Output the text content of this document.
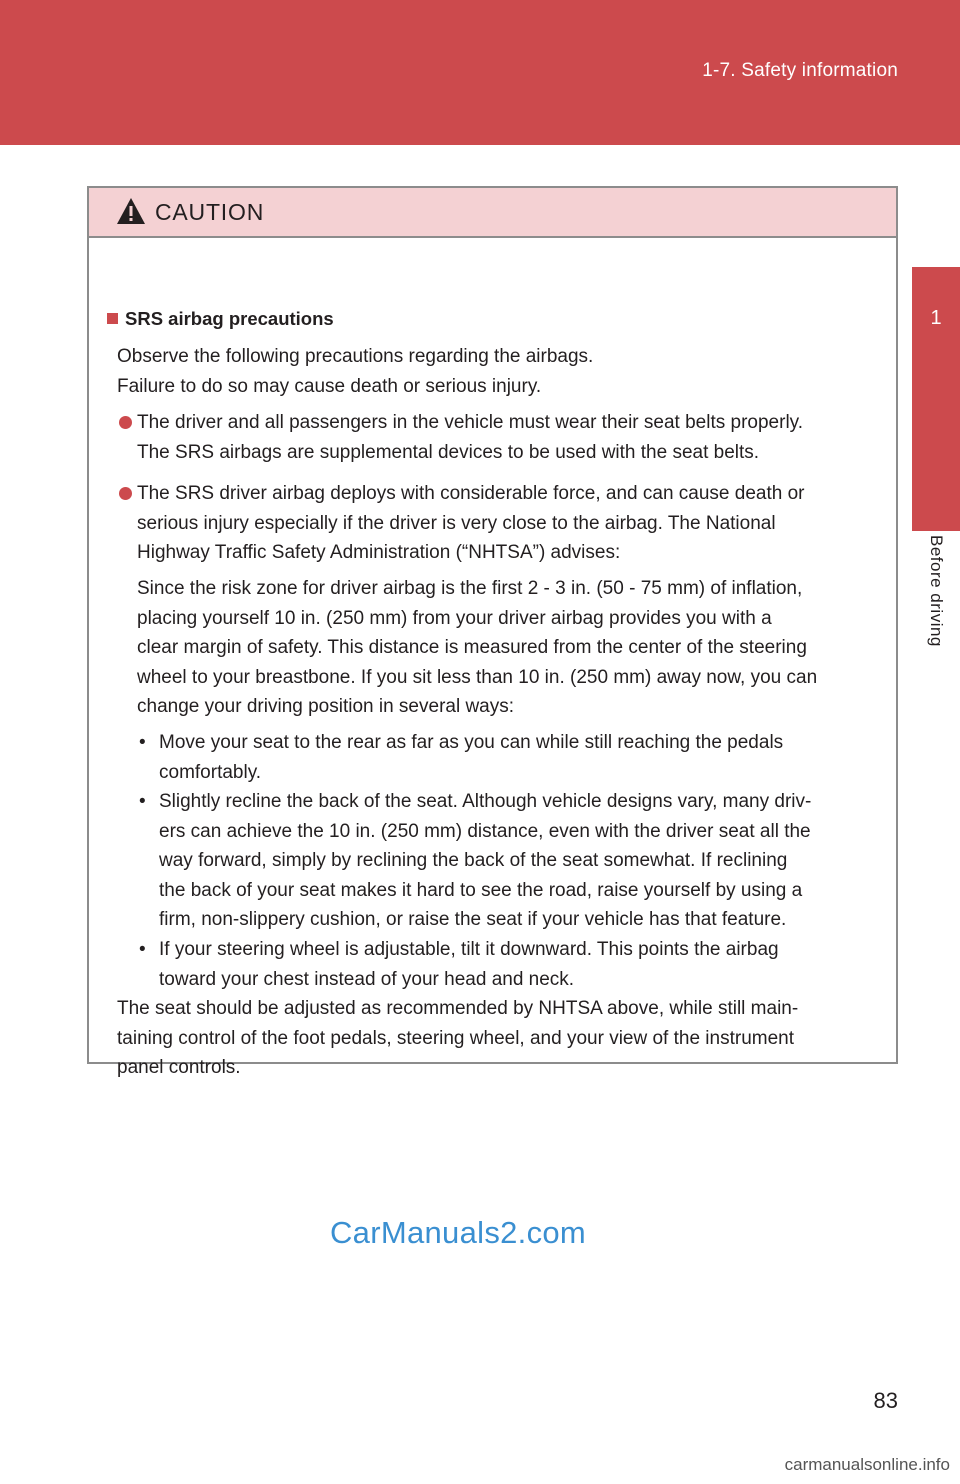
1-7. Safety information
1
Before driving
CAUTION
SRS airbag precautions
Observe the following precautions regarding the airbags.
Failure to do so may cause death or serious injury.
The driver and all passengers in the vehicle must wear their seat belts properly.
The SRS airbags are supplemental devices to be used with the seat belts.
The SRS driver airbag deploys with considerable force, and can cause death or
serious injury especially if the driver is very close to the airbag. The National
Highway Traffic Safety Administration (“NHTSA”) advises:
Since the risk zone for driver airbag is the first 2 - 3 in. (50 - 75 mm) of inflation,
placing yourself 10 in. (250 mm) from your driver airbag provides you with a
clear margin of safety. This distance is measured from the center of the steering
wheel to your breastbone. If you sit less than 10 in. (250 mm) away now, you can
change your driving position in several ways:
• Move your seat to the rear as far as you can while still reaching the pedals
comfortably.
• Slightly recline the back of the seat. Although vehicle designs vary, many driv-
ers can achieve the 10 in. (250 mm) distance, even with the driver seat all the
way forward, simply by reclining the back of the seat somewhat. If reclining
the back of your seat makes it hard to see the road, raise yourself by using a
firm, non-slippery cushion, or raise the seat if your vehicle has that feature.
• If your steering wheel is adjustable, tilt it downward. This points the airbag
toward your chest instead of your head and neck.
The seat should be adjusted as recommended by NHTSA above, while still main-
taining control of the foot pedals, steering wheel, and your view of the instrument
panel controls.
CarManuals2.com
83
carmanualsonline.info
